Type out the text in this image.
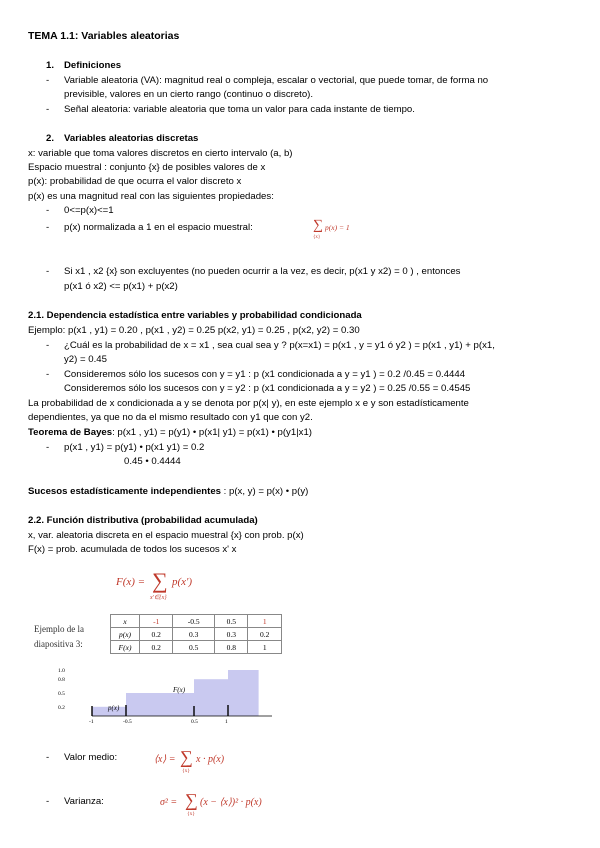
TEMA 1.1: Variables aleatorias
1. Definiciones
- Variable aleatoria (VA): magnitud real o compleja, escalar o vectorial, que puede tomar, de forma no
previsible, valores en un cierto rango (continuo o discreto).
- Señal aleatoria: variable aleatoria que toma un valor para cada instante de tiempo.
2. Variables aleatorias discretas
x: variable que toma valores discretos en cierto intervalo (a, b)
Espacio muestral : conjunto {x} de posibles valores de x
p(x): probabilidad de que ocurra el valor discreto x
p(x) es una magnitud real con las siguientes propiedades:
- 0<=p(x)<=1
- p(x) normalizada a 1 en el espacio muestral:	∑ p(x) = 1
{x}
- Si x1 , x2 {x} son excluyentes (no pueden ocurrir a la vez, es decir, p(x1 y x2) = 0 ) , entonces
p(x1 ó x2) <= p(x1) + p(x2)
2.1. Dependencia estadística entre variables y probabilidad condicionada
Ejemplo: p(x1 , y1) = 0.20 , p(x1 , y2) = 0.25 p(x2, y1) = 0.25 , p(x2, y2) = 0.30
- ¿Cuál es la probabilidad de x = x1 , sea cual sea y ? p(x=x1) = p(x1 , y = y1 ó y2 ) = p(x1 , y1) + p(x1,
y2) = 0.45
- Consideremos sólo los sucesos con y = y1 : p (x1 condicionada a y = y1 ) = 0.2 /0.45 = 0.4444
Consideremos sólo los sucesos con y = y2 : p (x1 condicionada a y = y2 ) = 0.25 /0.55 = 0.4545
La probabilidad de x condicionada a y se denota por p(x| y), en este ejemplo x e y son estadísticamente
dependientes, ya que no da el mismo resultado con y1 que con y2.
Teorema de Bayes: p(x1 , y1) = p(y1) • p(x1| y1) = p(x1) • p(y1|x1)
- p(x1 , y1) = p(y1) • p(x1 y1) = 0.2
0.45 • 0.4444
Sucesos estadísticamente independientes : p(x, y) = p(x) • p(y)
2.2. Función distributiva (probabilidad acumulada)
x, var. aleatoria discreta en el espacio muestral {x} con prob. p(x)
F(x) = prob. acumulada de todos los sucesos x' x
F(x) = ∑ p(x')
x'∈{x}
Ejemplo de la
diapositiva 3:
x	-1	-0.5	0.5	1
p(x)	0.2	0.3	0.3	0.2
F(x)	0.2	0.5	0.8	1
-1	-0.5	0.5	1
1.0
0.8
0.5
0.2	p(x)
F(x)
- Valor medio:	⟨x⟩ = ∑ x · p(x)
{x}
- Varianza:	σ² = ∑ (x − ⟨x⟩)² · p(x)
{x}
